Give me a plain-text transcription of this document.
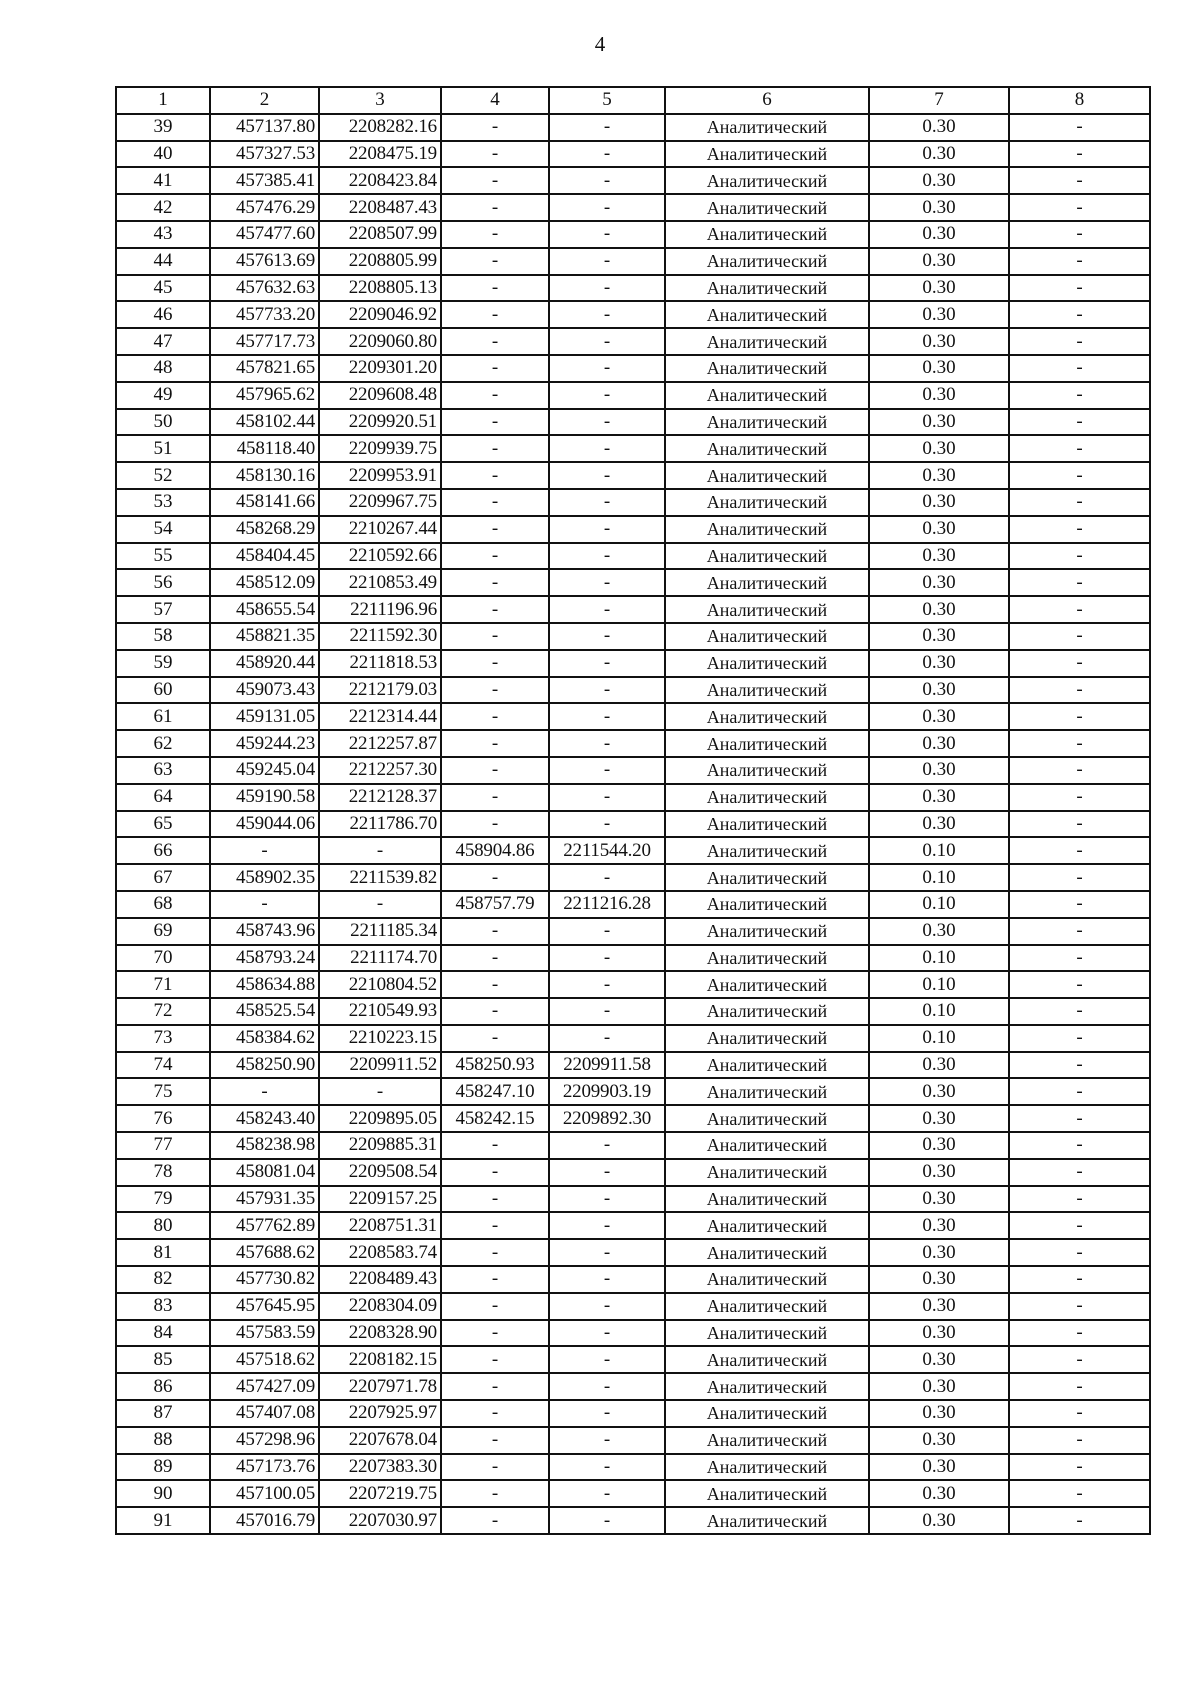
4
1	2	3	4	5	6	7	8
39	457137.80	2208282.16	-	-	Аналитический	0.30	-
40	457327.53	2208475.19	-	-	Аналитический	0.30	-
41	457385.41	2208423.84	-	-	Аналитический	0.30	-
42	457476.29	2208487.43	-	-	Аналитический	0.30	-
43	457477.60	2208507.99	-	-	Аналитический	0.30	-
44	457613.69	2208805.99	-	-	Аналитический	0.30	-
45	457632.63	2208805.13	-	-	Аналитический	0.30	-
46	457733.20	2209046.92	-	-	Аналитический	0.30	-
47	457717.73	2209060.80	-	-	Аналитический	0.30	-
48	457821.65	2209301.20	-	-	Аналитический	0.30	-
49	457965.62	2209608.48	-	-	Аналитический	0.30	-
50	458102.44	2209920.51	-	-	Аналитический	0.30	-
51	458118.40	2209939.75	-	-	Аналитический	0.30	-
52	458130.16	2209953.91	-	-	Аналитический	0.30	-
53	458141.66	2209967.75	-	-	Аналитический	0.30	-
54	458268.29	2210267.44	-	-	Аналитический	0.30	-
55	458404.45	2210592.66	-	-	Аналитический	0.30	-
56	458512.09	2210853.49	-	-	Аналитический	0.30	-
57	458655.54	2211196.96	-	-	Аналитический	0.30	-
58	458821.35	2211592.30	-	-	Аналитический	0.30	-
59	458920.44	2211818.53	-	-	Аналитический	0.30	-
60	459073.43	2212179.03	-	-	Аналитический	0.30	-
61	459131.05	2212314.44	-	-	Аналитический	0.30	-
62	459244.23	2212257.87	-	-	Аналитический	0.30	-
63	459245.04	2212257.30	-	-	Аналитический	0.30	-
64	459190.58	2212128.37	-	-	Аналитический	0.30	-
65	459044.06	2211786.70	-	-	Аналитический	0.30	-
66	-	-	458904.86	2211544.20	Аналитический	0.10	-
67	458902.35	2211539.82	-	-	Аналитический	0.10	-
68	-	-	458757.79	2211216.28	Аналитический	0.10	-
69	458743.96	2211185.34	-	-	Аналитический	0.30	-
70	458793.24	2211174.70	-	-	Аналитический	0.10	-
71	458634.88	2210804.52	-	-	Аналитический	0.10	-
72	458525.54	2210549.93	-	-	Аналитический	0.10	-
73	458384.62	2210223.15	-	-	Аналитический	0.10	-
74	458250.90	2209911.52	458250.93	2209911.58	Аналитический	0.30	-
75	-	-	458247.10	2209903.19	Аналитический	0.30	-
76	458243.40	2209895.05	458242.15	2209892.30	Аналитический	0.30	-
77	458238.98	2209885.31	-	-	Аналитический	0.30	-
78	458081.04	2209508.54	-	-	Аналитический	0.30	-
79	457931.35	2209157.25	-	-	Аналитический	0.30	-
80	457762.89	2208751.31	-	-	Аналитический	0.30	-
81	457688.62	2208583.74	-	-	Аналитический	0.30	-
82	457730.82	2208489.43	-	-	Аналитический	0.30	-
83	457645.95	2208304.09	-	-	Аналитический	0.30	-
84	457583.59	2208328.90	-	-	Аналитический	0.30	-
85	457518.62	2208182.15	-	-	Аналитический	0.30	-
86	457427.09	2207971.78	-	-	Аналитический	0.30	-
87	457407.08	2207925.97	-	-	Аналитический	0.30	-
88	457298.96	2207678.04	-	-	Аналитический	0.30	-
89	457173.76	2207383.30	-	-	Аналитический	0.30	-
90	457100.05	2207219.75	-	-	Аналитический	0.30	-
91	457016.79	2207030.97	-	-	Аналитический	0.30	-
